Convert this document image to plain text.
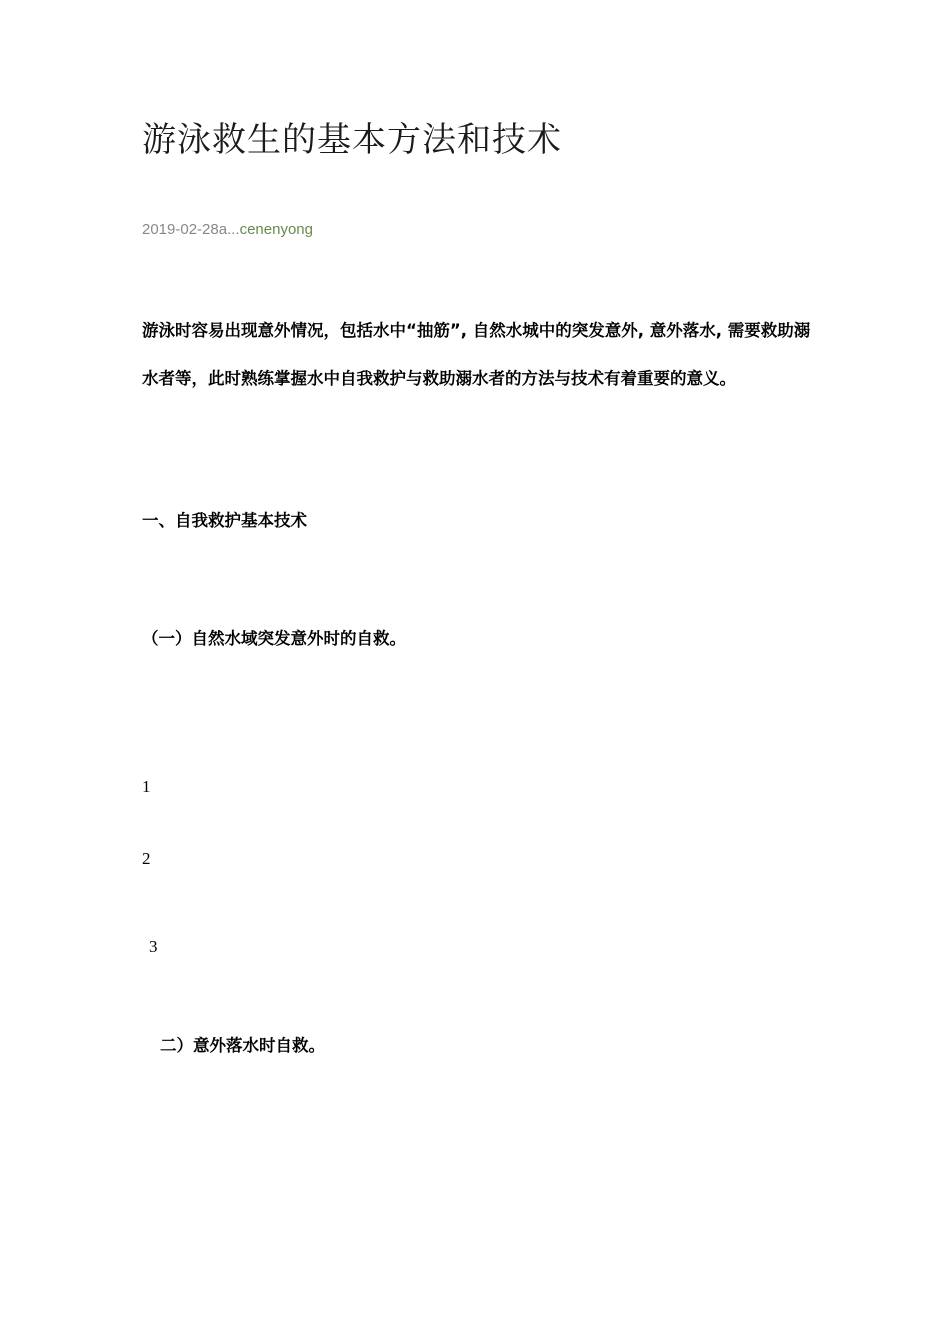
游泳救生的基本方法和技术
2019-02-28a...cenenyong
游泳时容易出现意外情况，包括水中“抽筋”, 自然水城中的突发意外, 意外落水, 需要救助溺
水者等，此时熟练掌握水中自我救护与救助溺水者的方法与技术有着重要的意义。
一、自我救护基本技术
（一）自然水域突发意外时的自救。
1
2
3
二）意外落水时自救。
